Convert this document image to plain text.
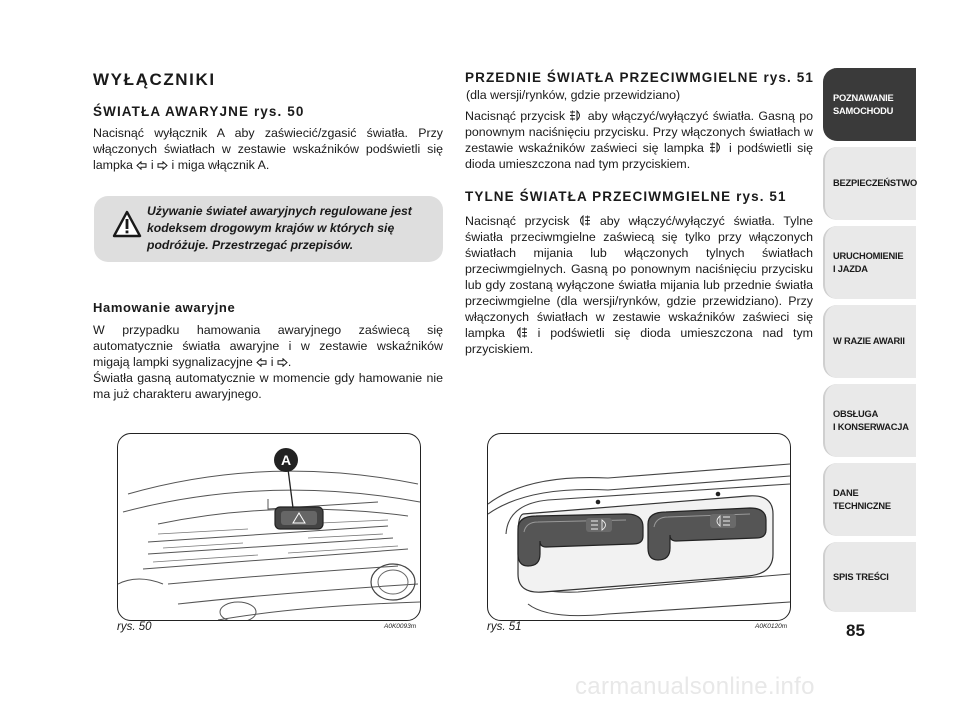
WYŁĄCZNIKI
ŚWIATŁA AWARYJNE rys. 50

Nacisnąć wyłącznik A aby zaświecić/zgasić światła. Przy włączonych światłach w zestawie wskaźników podświetli się lampka i i miga włącznik A.

Używanie świateł awaryjnych regulowane jest kodeksem drogowym krajów w których się podróżuje. Przestrzegać przepisów.
Hamowanie awaryjne

W przypadku hamowania awaryjnego zaświecą się automatycznie światła awaryjne i w zestawie wskaźników migają lampki sygnalizacyjne i .

Światła gasną automatycznie w momencie gdy hamowanie nie ma już charakteru awaryjnego.

PRZEDNIE ŚWIATŁA PRZECIWMGIELNE rys. 51
(dla wersji/rynków, gdzie przewidziano)

Nacisnąć przycisk aby włączyć/wyłączyć światła. Gasną po ponownym naciśnięciu przycisku. Przy włączonych światłach w zestawie wskaźników zaświeci się lampka i podświetli się dioda umieszczona nad tym przyciskiem.

TYLNE ŚWIATŁA PRZECIWMGIELNE rys. 51

Nacisnąć przycisk aby włączyć/wyłączyć światła. Tylne światła przeciwmgielne zaświecą się tylko przy włączonych światłach mijania lub włączonych tylnych światłach przeciwmgielnych. Gasną po ponownym naciśnięciu przycisku lub gdy zostaną wyłączone światła mijania lub przednie światła przeciwmgielne (dla wersji/rynków, gdzie przewidziano). Przy włączonych światłach w zestawie wskaźników zaświeci się lampka	i podświetli się dioda umieszczona nad tym przyciskiem.

A
rys. 50	A0K0093m	rys. 51	A0K0120m
POZNAWANIE
SAMOCHODU
BEZPIECZEŃSTWO
URUCHOMIENIE
I JAZDA
W RAZIE AWARII
OBSŁUGA
I KONSERWACJA
DANE
TECHNICZNE
SPIS TREŚCI
85
carmanualsonline.info
